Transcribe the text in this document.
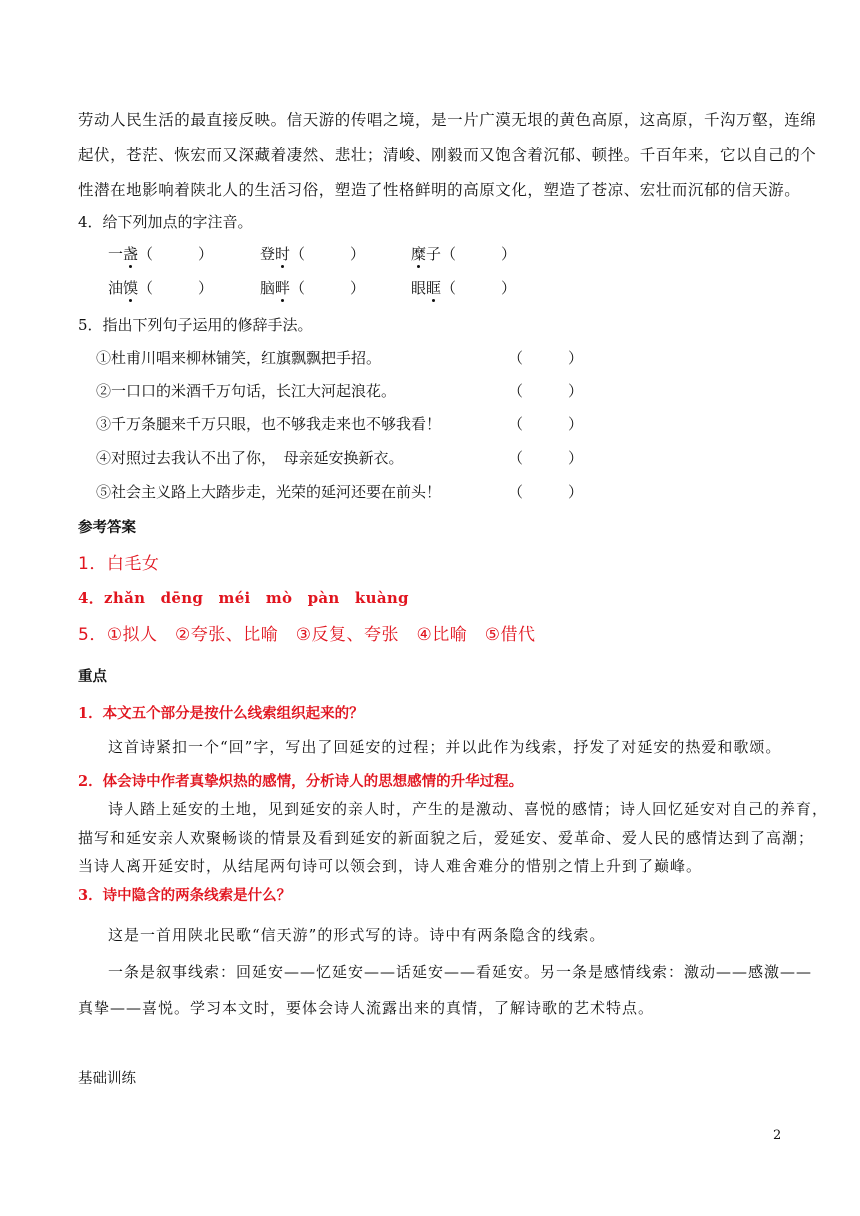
劳动人民生活的最直接反映。信天游的传唱之境，是一片广漠无垠的黄色高原，这高原，千沟万壑，连绵
起伏，苍茫、恢宏而又深藏着凄然、悲壮；清峻、刚毅而又饱含着沉郁、顿挫。千百年来，它以自己的个
性潜在地影响着陕北人的生活习俗，塑造了性格鲜明的高原文化，塑造了苍凉、宏壮而沉郁的信天游。
4．给下列加点的字注音。
一盏（　　　）	登时（　　　）	糜子（　　　）
油馍（　　　）	脑畔（　　　）	眼眶（　　　）
5．指出下列句子运用的修辞手法。
①杜甫川唱来柳林铺笑，红旗飘飘把手招。	（　　　）
②一口口的米酒千万句话，长江大河起浪花。	（　　　）
③千万条腿来千万只眼，也不够我走来也不够我看！	（　　　）
④对照过去我认不出了你，　母亲延安换新衣。	（　　　）
⑤社会主义路上大踏步走，光荣的延河还要在前头！	（　　　）
参考答案
1．白毛女
4．zhǎn　dēng　méi　mò　pàn　kuàng
5．①拟人　②夸张、比喻　③反复、夸张　④比喻　⑤借代
重点
1．本文五个部分是按什么线索组织起来的？
这首诗紧扣一个“回”字，写出了回延安的过程；并以此作为线索，抒发了对延安的热爱和歌颂。
2．体会诗中作者真挚炽热的感情，分析诗人的思想感情的升华过程。
诗人踏上延安的土地，见到延安的亲人时，产生的是激动、喜悦的感情；诗人回忆延安对自己的养育，
描写和延安亲人欢聚畅谈的情景及看到延安的新面貌之后，爱延安、爱革命、爱人民的感情达到了高潮；
当诗人离开延安时，从结尾两句诗可以领会到，诗人难舍难分的惜别之情上升到了巅峰。
3．诗中隐含的两条线索是什么？
这是一首用陕北民歌“信天游”的形式写的诗。诗中有两条隐含的线索。
一条是叙事线索：回延安——忆延安——话延安——看延安。另一条是感情线索：激动——感激——
真挚——喜悦。学习本文时，要体会诗人流露出来的真情，了解诗歌的艺术特点。
基础训练
2
